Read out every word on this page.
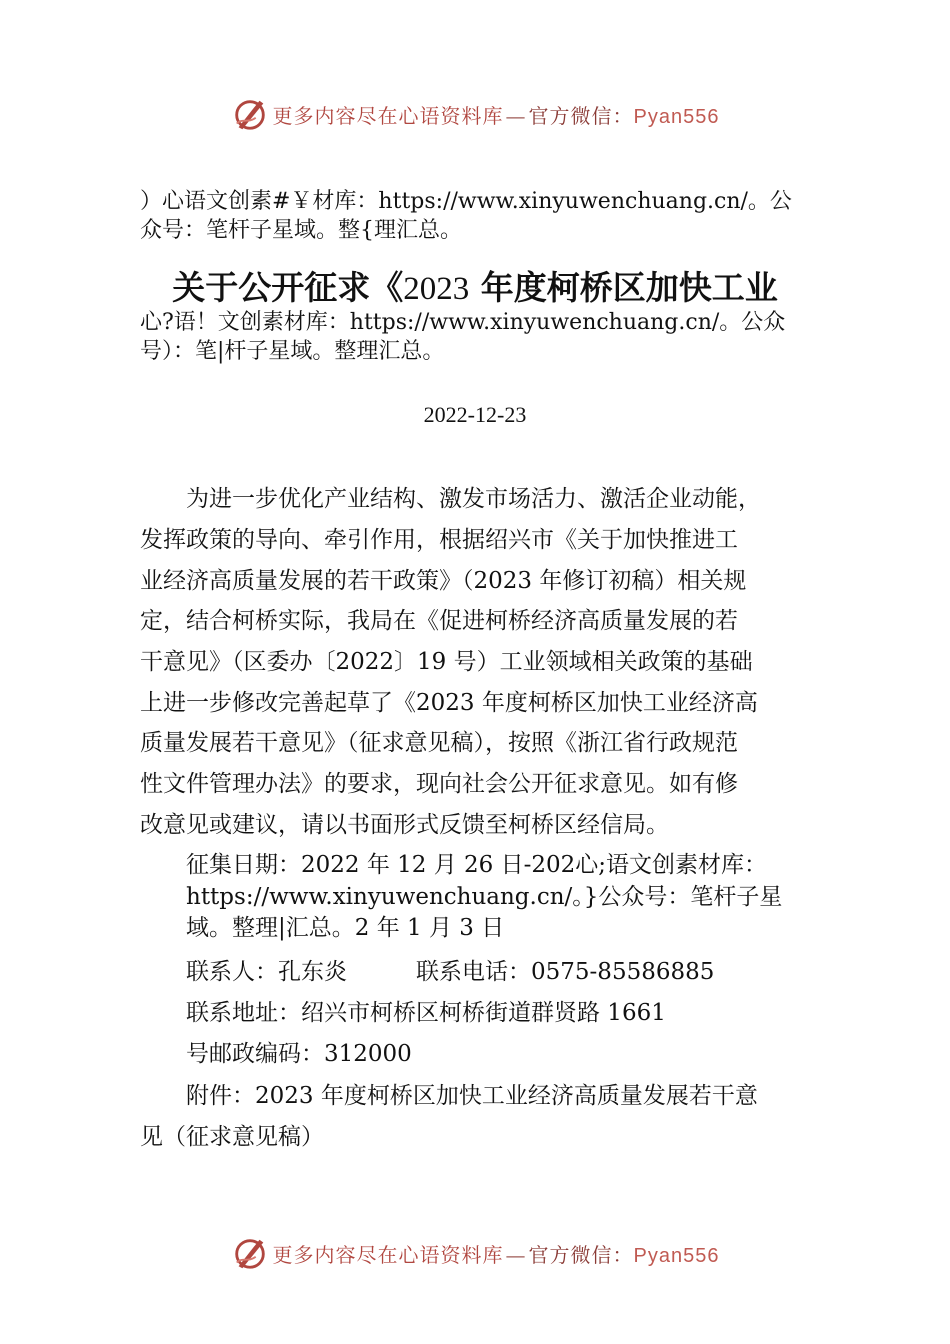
更多内容尽在心语资料库 — 官方微信：Pyan556
）心语文创素#￥材库：https://www.xinyuwenchuang.cn/。公
众号：笔杆子星域。整{理汇总。
关于公开征求《2023 年度柯桥区加快工业
心?语！文创素材库：https://www.xinyuwenchuang.cn/。公众
号）：笔|杆子星域。整理汇总。
2022-12-23
　　为进一步优化产业结构、激发市场活力、激活企业动能，
发挥政策的导向、牵引作用，根据绍兴市《关于加快推进工
业经济高质量发展的若干政策》（2023 年修订初稿）相关规
定，结合柯桥实际，我局在《促进柯桥经济高质量发展的若
干意见》（区委办〔2022〕19 号）工业领域相关政策的基础
上进一步修改完善起草了《2023 年度柯桥区加快工业经济高
质量发展若干意见》（征求意见稿），按照《浙江省行政规范
性文件管理办法》的要求，现向社会公开征求意见。如有修
改意见或建议，请以书面形式反馈至柯桥区经信局。
　　征集日期：2022 年 12 月 26 日-202心;语文创素材库：
　　https://www.xinyuwenchuang.cn/。}公众号：笔杆子星
　　域。整理|汇总。2 年 1 月 3 日
　　联系人：孔东炎　　　联系电话：0575-85586885
　　联系地址：绍兴市柯桥区柯桥街道群贤路 1661
　　号邮政编码：312000
　　附件：2023 年度柯桥区加快工业经济高质量发展若干意
见（征求意见稿）
更多内容尽在心语资料库 — 官方微信：Pyan556
